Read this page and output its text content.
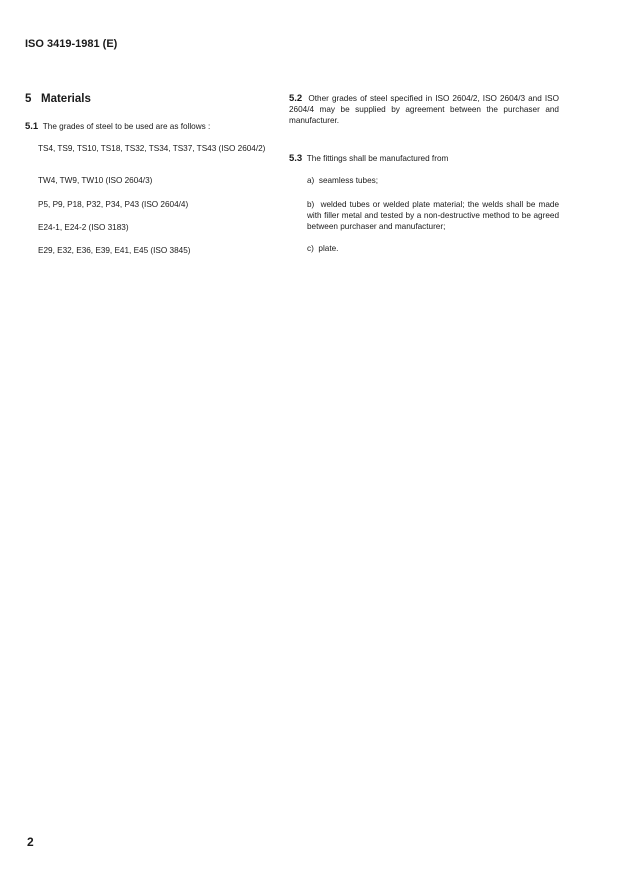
ISO 3419-1981 (E)
5 Materials
5.1 The grades of steel to be used are as follows :
TS4, TS9, TS10, TS18, TS32, TS34, TS37, TS43 (ISO 2604/2)
TW4, TW9, TW10 (ISO 2604/3)
P5, P9, P18, P32, P34, P43 (ISO 2604/4)
E24-1, E24-2 (ISO 3183)
E29, E32, E36, E39, E41, E45 (ISO 3845)
5.2 Other grades of steel specified in ISO 2604/2, ISO 2604/3 and ISO 2604/4 may be supplied by agreement between the purchaser and manufacturer.
5.3 The fittings shall be manufactured from
a) seamless tubes;
b) welded tubes or welded plate material; the welds shall be made with filler metal and tested by a non-destructive method to be agreed between purchaser and manufacturer;
c) plate.
2
